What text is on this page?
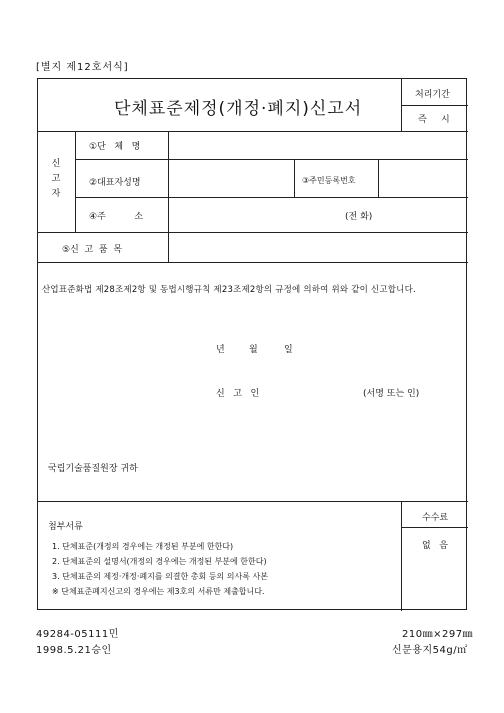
[별지 제12호서식]
단체표준제정(개정·폐지)신고서
처리기간
즉     시
신
고
자
①단   체   명
②대표자성명	③주민등록번호
④주          소	(전 화)
⑤신  고  품  목
수수료
없   음
산업표준화법 제28조제2항 및 동법시행규칙 제23조제2항의 규정에 의하여 위와 같이 신고합니다.
년	월	일
신   고   인	(서명 또는 인)
국립기술품질원장 귀하
첨부서류
1. 단체표준(개정의 경우에는 개정된 부분에 한한다)
2. 단체표준의 설명서(개정의 경우에는 개정된 부분에 한한다)
3. 단체표준의 제정·개정·폐지를 의결한 총회 등의 의사록 사본
※ 단체표준폐지신고의 경우에는 제3호의 서류만 제출합니다.
49284-05111민
1998.5.21승인
210㎜×297㎜
신문용지54g/㎡
